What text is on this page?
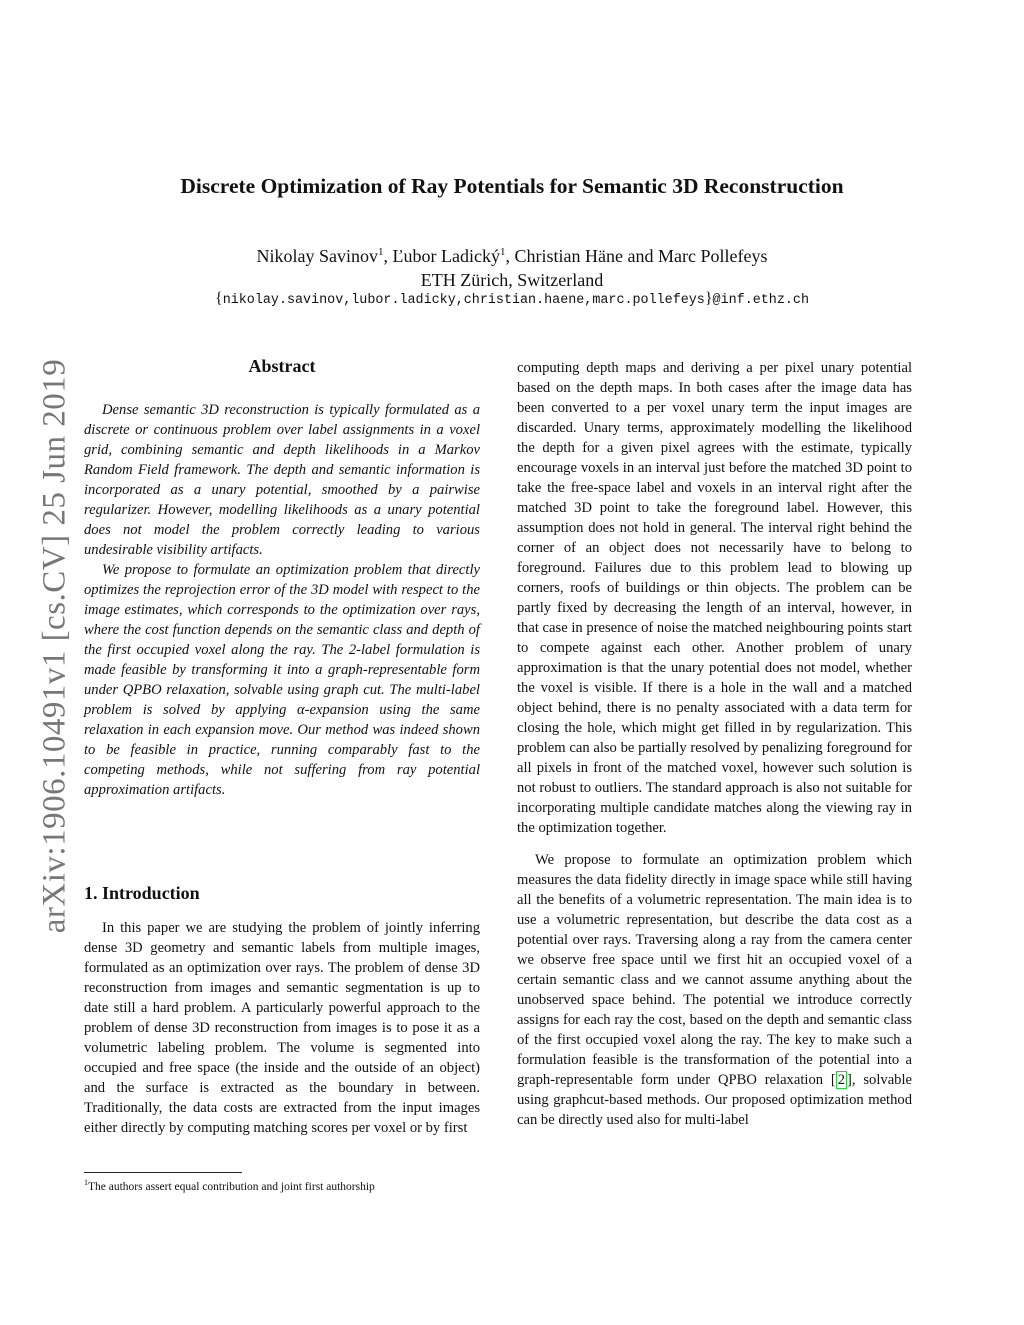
Discrete Optimization of Ray Potentials for Semantic 3D Reconstruction
Nikolay Savinov$^1$, Ľubor Ladický$^1$, Christian Häne and Marc Pollefeys
ETH Zürich, Switzerland
{nikolay.savinov,lubor.ladicky,christian.haene,marc.pollefeys}@inf.ethz.ch
arXiv:1906.10491v1 [cs.CV] 25 Jun 2019	Abstract

Dense semantic 3D reconstruction is typically formulated as a discrete or continuous problem over label assignments in a voxel grid, combining semantic and depth likelihoods in a Markov Random Field framework. The depth and semantic information is incorporated as a unary potential, smoothed by a pairwise regularizer. However, modelling likelihoods as a unary potential does not model the problem correctly leading to various undesirable visibility artifacts.

We propose to formulate an optimization problem that directly optimizes the reprojection error of the 3D model with respect to the image estimates, which corresponds to the optimization over rays, where the cost function depends on the semantic class and depth of the first occupied voxel along the ray. The 2-label formulation is made feasible by transforming it into a graph-representable form under QPBO relaxation, solvable using graph cut. The multi-label problem is solved by applying α-expansion using the same relaxation in each expansion move. Our method was indeed shown to be feasible in practice, running comparably fast to the competing methods, while not suffering from ray potential approximation artifacts.

1. Introduction

In this paper we are studying the problem of jointly inferring dense 3D geometry and semantic labels from multiple images, formulated as an optimization over rays. The problem of dense 3D reconstruction from images and semantic segmentation is up to date still a hard problem. A particularly powerful approach to the problem of dense 3D reconstruction from images is to pose it as a volumetric labeling problem. The volume is segmented into occupied and free space (the inside and the outside of an object) and the surface is extracted as the boundary in between. Traditionally, the data costs are extracted from the input images either directly by computing matching scores per voxel or by first

$^1$The authors assert equal contribution and joint first authorship

computing depth maps and deriving a per pixel unary potential based on the depth maps. In both cases after the image data has been converted to a per voxel unary term the input images are discarded. Unary terms, approximately modelling the likelihood the depth for a given pixel agrees with the estimate, typically encourage voxels in an interval just before the matched 3D point to take the free-space label and voxels in an interval right after the matched 3D point to take the foreground label. However, this assumption does not hold in general. The interval right behind the corner of an object does not necessarily have to belong to foreground. Failures due to this problem lead to blowing up corners, roofs of buildings or thin objects. The problem can be partly fixed by decreasing the length of an interval, however, in that case in presence of noise the matched neighbouring points start to compete against each other. Another problem of unary approximation is that the unary potential does not model, whether the voxel is visible. If there is a hole in the wall and a matched object behind, there is no penalty associated with a data term for closing the hole, which might get filled in by regularization. This problem can also be partially resolved by penalizing foreground for all pixels in front of the matched voxel, however such solution is not robust to outliers. The standard approach is also not suitable for incorporating multiple candidate matches along the viewing ray in the optimization together.

We propose to formulate an optimization problem which measures the data fidelity directly in image space while still having all the benefits of a volumetric representation. The main idea is to use a volumetric representation, but describe the data cost as a potential over rays. Traversing along a ray from the camera center we observe free space until we first hit an occupied voxel of a certain semantic class and we cannot assume anything about the unobserved space behind. The potential we introduce correctly assigns for each ray the cost, based on the depth and semantic class of the first occupied voxel along the ray. The key to make such a formulation feasible is the transformation of the potential into a graph-representable form under QPBO relaxation [ 2 ], solvable using graphcut-based methods. Our proposed optimization method can be directly used also for multi-label
